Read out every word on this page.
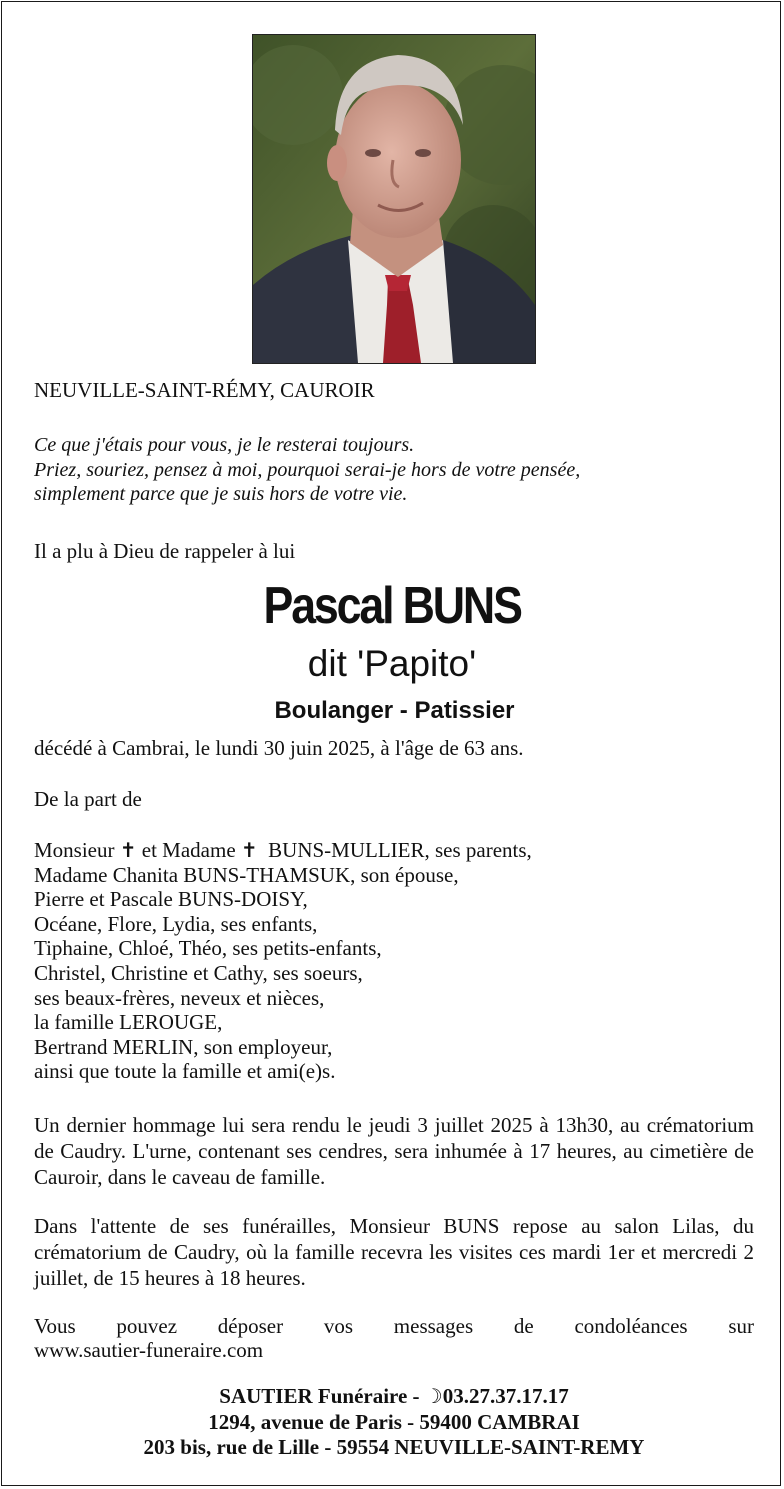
NEUVILLE-SAINT-RÉMY, CAUROIR
Ce que j'étais pour vous, je le resterai toujours.
Priez, souriez, pensez à moi, pourquoi serai-je hors de votre pensée,
simplement parce que je suis hors de votre vie.
Il a plu à Dieu de rappeler à lui
Pascal BUNS
dit 'Papito'
Boulanger - Patissier
décédé à Cambrai, le lundi 30 juin 2025, à l'âge de 63 ans.
De la part de
Monsieur ✝ et Madame ✝ BUNS-MULLIER, ses parents,
Madame Chanita BUNS-THAMSUK, son épouse,
Pierre et Pascale BUNS-DOISY,
Océane, Flore, Lydia, ses enfants,
Tiphaine, Chloé, Théo, ses petits-enfants,
Christel, Christine et Cathy, ses soeurs,
ses beaux-frères, neveux et nièces,
la famille LEROUGE,
Bertrand MERLIN, son employeur,
ainsi que toute la famille et ami(e)s.
Un dernier hommage lui sera rendu le jeudi 3 juillet 2025 à 13h30, au crématorium de Caudry. L'urne, contenant ses cendres, sera inhumée à 17 heures, au cimetière de Cauroir, dans le caveau de famille.
Dans l'attente de ses funérailles, Monsieur BUNS repose au salon Lilas, du crématorium de Caudry, où la famille recevra les visites ces mardi 1er et mercredi 2 juillet, de 15 heures à 18 heures.
Vous pouvez déposer vos messages de condoléances sur
www.sautier-funeraire.com
SAUTIER Funéraire - ☽03.27.37.17.17
1294, avenue de Paris - 59400 CAMBRAI
203 bis, rue de Lille - 59554 NEUVILLE-SAINT-REMY
